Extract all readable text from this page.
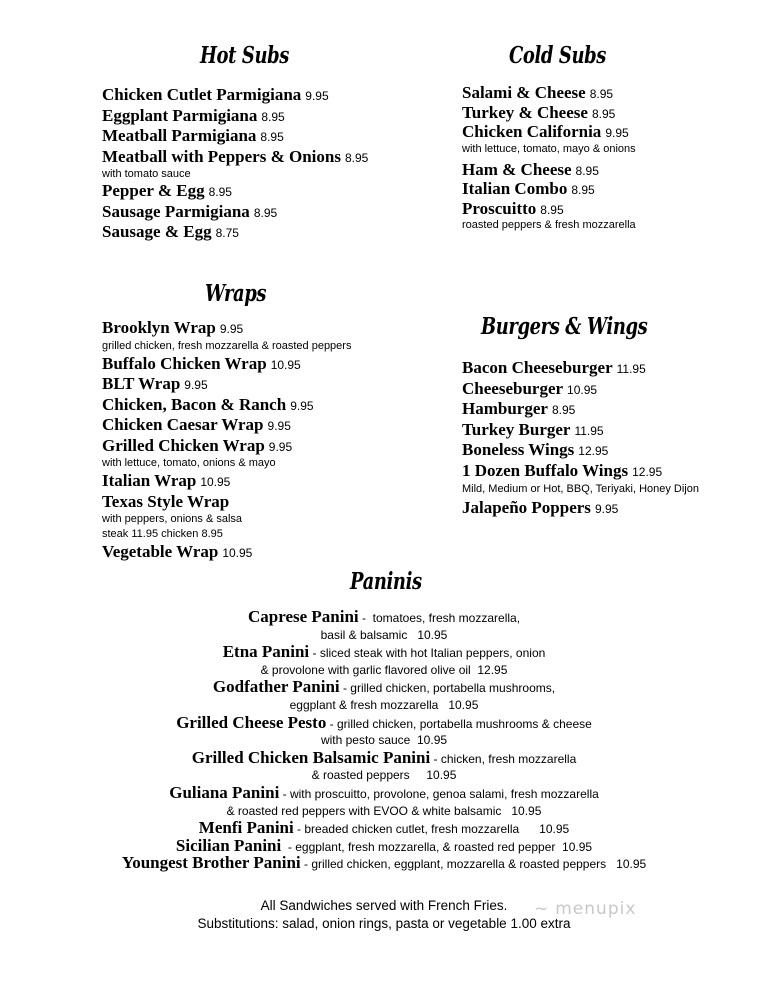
Hot Subs
Chicken Cutlet Parmigiana 9.95
Eggplant Parmigiana 8.95
Meatball Parmigiana 8.95
Meatball with Peppers & Onions 8.95
with tomato sauce
Pepper & Egg 8.95
Sausage Parmigiana 8.95
Sausage & Egg 8.75
Cold Subs
Salami & Cheese 8.95
Turkey & Cheese 8.95
Chicken California 9.95
with lettuce, tomato, mayo & onions
Ham & Cheese 8.95
Italian Combo 8.95
Proscuitto 8.95
roasted peppers & fresh mozzarella
Wraps
Brooklyn Wrap 9.95
grilled chicken, fresh mozzarella & roasted peppers
Buffalo Chicken Wrap 10.95
BLT Wrap 9.95
Chicken, Bacon & Ranch 9.95
Chicken Caesar Wrap 9.95
Grilled Chicken Wrap 9.95
with lettuce, tomato, onions & mayo
Italian Wrap 10.95
Texas Style Wrap
with peppers, onions & salsa
steak 11.95 chicken 8.95
Vegetable Wrap 10.95
Burgers & Wings
Bacon Cheeseburger 11.95
Cheeseburger 10.95
Hamburger 8.95
Turkey Burger 11.95
Boneless Wings 12.95
1 Dozen Buffalo Wings 12.95
Mild, Medium or Hot, BBQ, Teriyaki, Honey Dijon
Jalapeño Poppers 9.95
Paninis
Caprese Panini -  tomatoes, fresh mozzarella,
basil & balsamic   10.95
Etna Panini - sliced steak with hot Italian peppers, onion
& provolone with garlic flavored olive oil  12.95
Godfather Panini - grilled chicken, portabella mushrooms,
eggplant & fresh mozzarella   10.95
Grilled Cheese Pesto - grilled chicken, portabella mushrooms & cheese
with pesto sauce  10.95
Grilled Chicken Balsamic Panini - chicken, fresh mozzarella
& roasted peppers     10.95
Guliana Panini - with proscuitto, provolone, genoa salami, fresh mozzarella
& roasted red peppers with EVOO & white balsamic   10.95
Menfi Panini - breaded chicken cutlet, fresh mozzarella      10.95
Sicilian Panini  - eggplant, fresh mozzarella, & roasted red pepper  10.95
Youngest Brother Panini - grilled chicken, eggplant, mozzarella & roasted peppers   10.95
All Sandwiches served with French Fries.
Substitutions: salad, onion rings, pasta or vegetable 1.00 extra
~ menupix
